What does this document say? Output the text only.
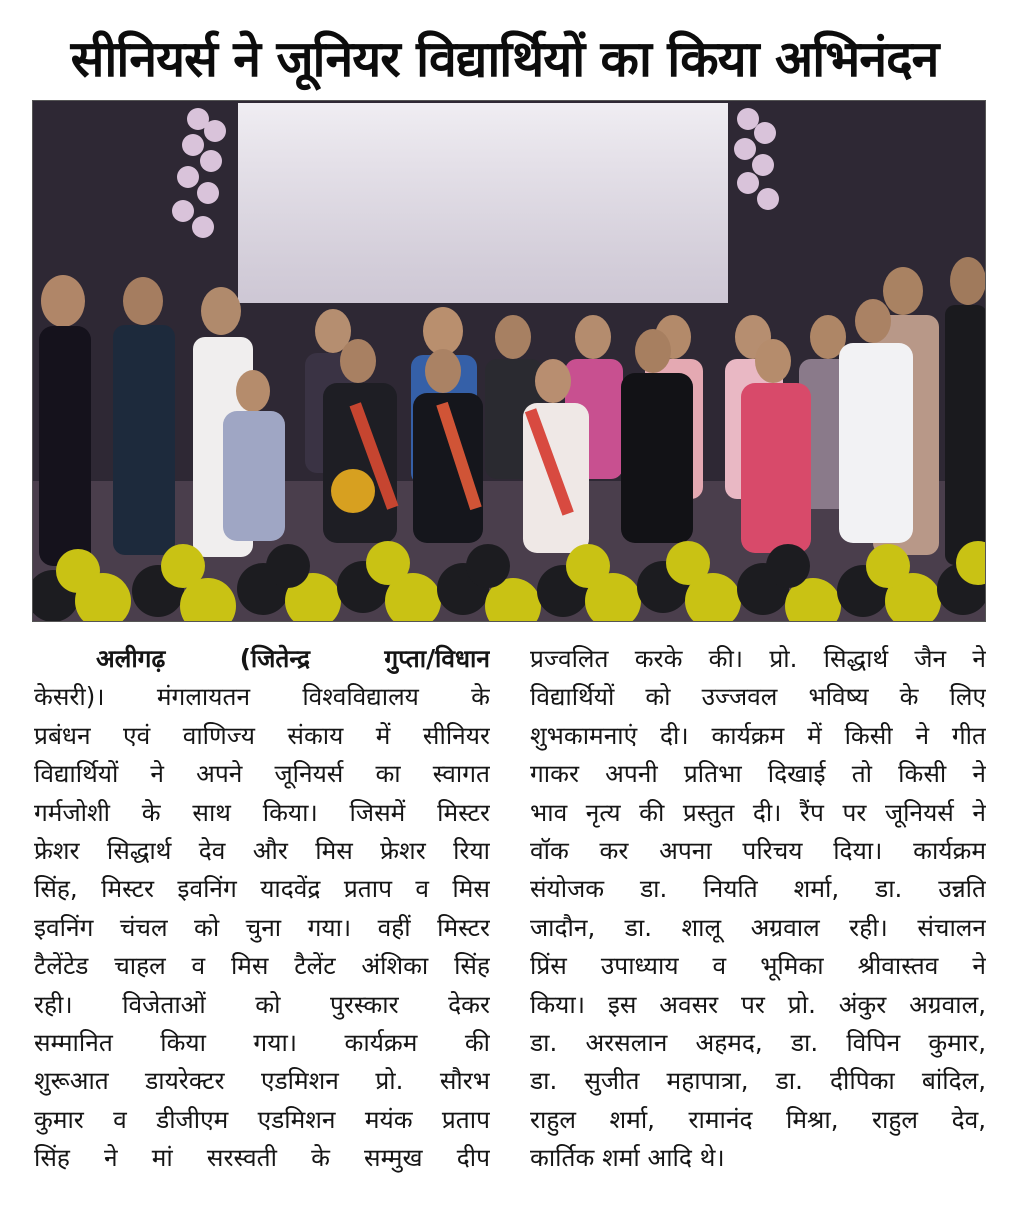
सीनियर्स ने जूनियर विद्यार्थियों का किया अभिनंदन
अलीगढ़ (जितेन्द्र गुप्ता/विधान
केसरी)। मंगलायतन विश्वविद्यालय के
प्रबंधन एवं वाणिज्य संकाय में सीनियर
विद्यार्थियों ने अपने जूनियर्स का स्वागत
गर्मजोशी के साथ किया। जिसमें मिस्टर
फ्रेशर सिद्धार्थ देव और मिस फ्रेशर रिया
सिंह, मिस्टर इवनिंग यादवेंद्र प्रताप व मिस
इवनिंग चंचल को चुना गया। वहीं मिस्टर
टैलेंटेड चाहल व मिस टैलेंट अंशिका सिंह
रही। विजेताओं को पुरस्कार देकर
सम्मानित किया गया। कार्यक्रम की
शुरूआत डायरेक्टर एडमिशन प्रो. सौरभ
कुमार व डीजीएम एडमिशन मयंक प्रताप
सिंह ने मां सरस्वती के सम्मुख दीप
प्रज्वलित करके की। प्रो. सिद्धार्थ जैन ने
विद्यार्थियों को उज्जवल भविष्य के लिए
शुभकामनाएं दी। कार्यक्रम में किसी ने गीत
गाकर अपनी प्रतिभा दिखाई तो किसी ने
भाव नृत्य की प्रस्तुत दी। रैंप पर जूनियर्स ने
वॉक कर अपना परिचय दिया। कार्यक्रम
संयोजक डा. नियति शर्मा, डा. उन्नति
जादौन, डा. शालू अग्रवाल रही। संचालन
प्रिंस उपाध्याय व भूमिका श्रीवास्तव ने
किया। इस अवसर पर प्रो. अंकुर अग्रवाल,
डा. अरसलान अहमद, डा. विपिन कुमार,
डा. सुजीत महापात्रा, डा. दीपिका बांदिल,
राहुल शर्मा, रामानंद मिश्रा, राहुल देव,
कार्तिक शर्मा आदि थे।
